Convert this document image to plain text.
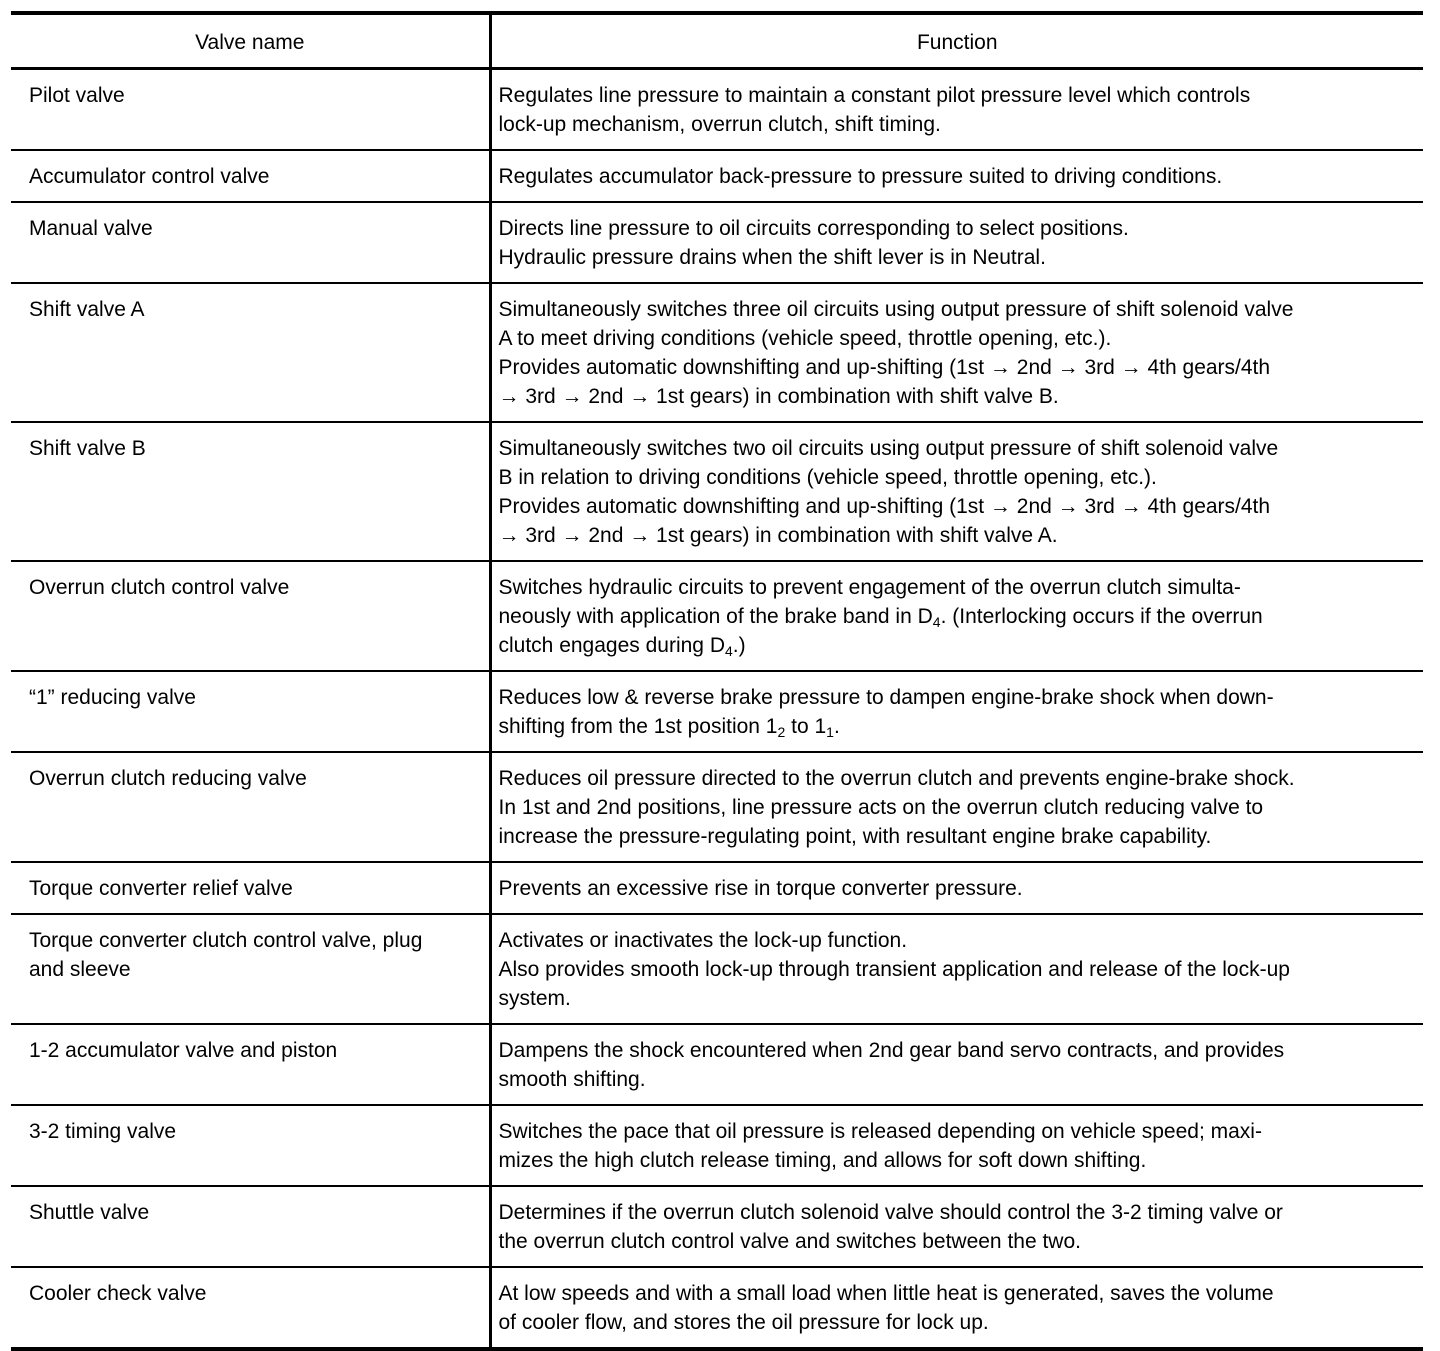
Valve name	Function

Pilot valve	Regulates line pressure to maintain a constant pilot pressure level which controls
lock-up mechanism, overrun clutch, shift timing.

Accumulator control valve	Regulates accumulator back-pressure to pressure suited to driving conditions.

Manual valve	Directs line pressure to oil circuits corresponding to select positions.
Hydraulic pressure drains when the shift lever is in Neutral.

Shift valve A	Simultaneously switches three oil circuits using output pressure of shift solenoid valve
A to meet driving conditions (vehicle speed, throttle opening, etc.).
Provides automatic downshifting and up-shifting (1st → 2nd → 3rd → 4th gears/4th
→ 3rd → 2nd → 1st gears) in combination with shift valve B.

Shift valve B	Simultaneously switches two oil circuits using output pressure of shift solenoid valve
B in relation to driving conditions (vehicle speed, throttle opening, etc.).
Provides automatic downshifting and up-shifting (1st → 2nd → 3rd → 4th gears/4th
→ 3rd → 2nd → 1st gears) in combination with shift valve A.

Overrun clutch control valve	Switches hydraulic circuits to prevent engagement of the overrun clutch simulta-
neously with application of the brake band in $D_4$. (Interlocking occurs if the overrun
clutch engages during $D_4$.)

“1” reducing valve	Reduces low & reverse brake pressure to dampen engine-brake shock when down-
shifting from the 1st position $1_2$ to $1_1$.

Overrun clutch reducing valve	Reduces oil pressure directed to the overrun clutch and prevents engine-brake shock.
In 1st and 2nd positions, line pressure acts on the overrun clutch reducing valve to
increase the pressure-regulating point, with resultant engine brake capability.

Torque converter relief valve	Prevents an excessive rise in torque converter pressure.

Torque converter clutch control valve, plug
and sleeve	Activates or inactivates the lock-up function.
Also provides smooth lock-up through transient application and release of the lock-up
system.

1-2 accumulator valve and piston	Dampens the shock encountered when 2nd gear band servo contracts, and provides
smooth shifting.

3-2 timing valve	Switches the pace that oil pressure is released depending on vehicle speed; maxi-
mizes the high clutch release timing, and allows for soft down shifting.

Shuttle valve	Determines if the overrun clutch solenoid valve should control the 3-2 timing valve or
the overrun clutch control valve and switches between the two.

Cooler check valve	At low speeds and with a small load when little heat is generated, saves the volume
of cooler flow, and stores the oil pressure for lock up.
